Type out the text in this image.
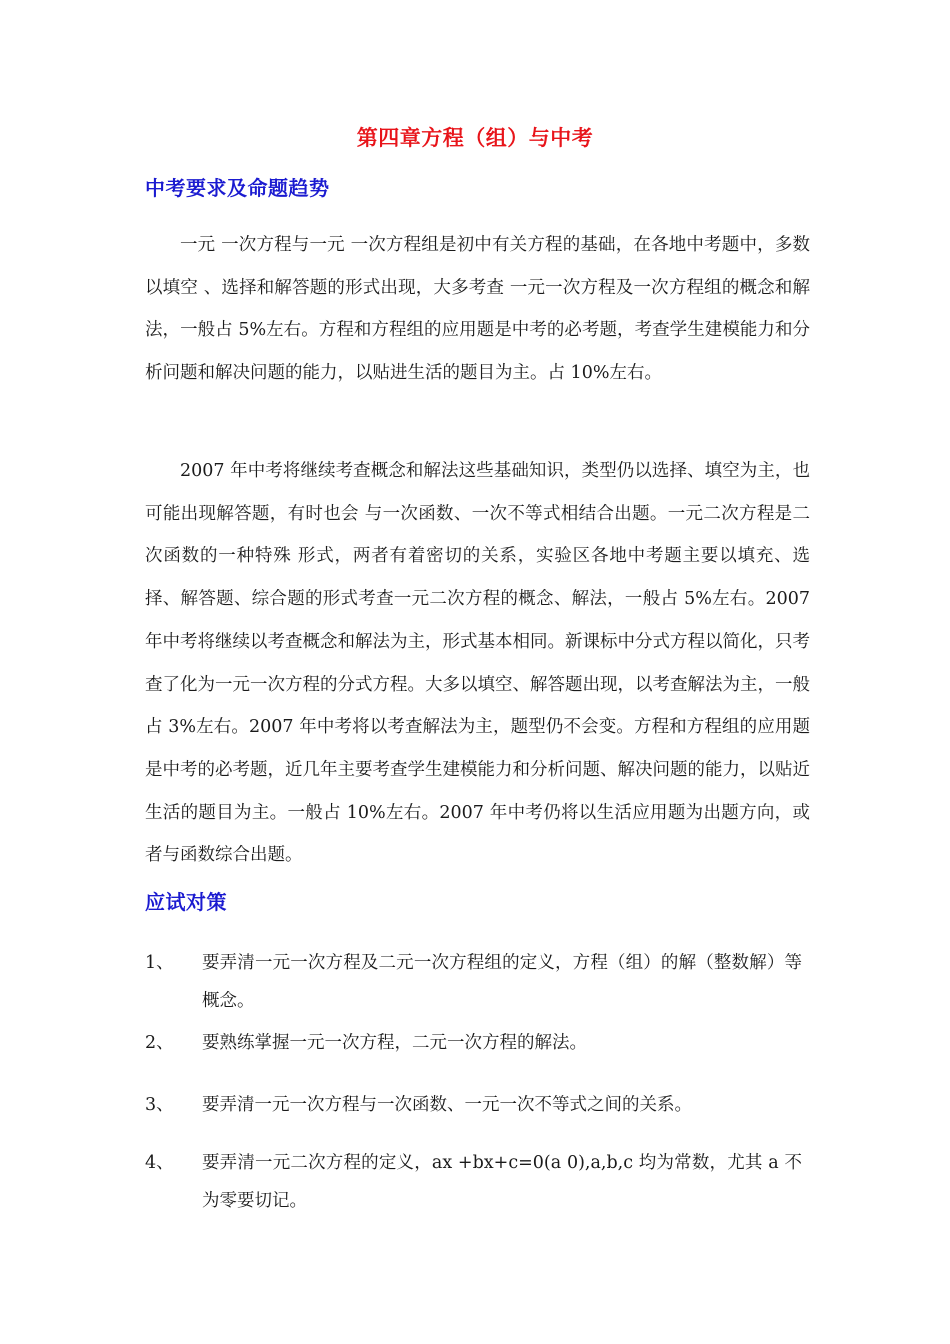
第四章方程（组）与中考
中考要求及命题趋势

一元 一次方程与一元 一次方程组是初中有关方程的基础，在各地中考题中，多数以填空 、选择和解答题的形式出现，大多考查 一元一次方程及一次方程组的概念和解法，一般占 5%左右。方程和方程组的应用题是中考的必考题，考查学生建模能力和分析问题和解决问题的能力，以贴进生活的题目为主。占 10%左右。

2007 年中考将继续考查概念和解法这些基础知识，类型仍以选择、填空为主，也可能出现解答题，有时也会 与一次函数、一次不等式相结合出题。一元二次方程是二次函数的一种特殊 形式，两者有着密切的关系，实验区各地中考题主要以填充、选择、解答题、综合题的形式考查一元二次方程的概念、解法，一般占 5%左右。2007 年中考将继续以考查概念和解法为主，形式基本相同。新课标中分式方程以简化，只考查了化为一元一次方程的分式方程。大多以填空、解答题出现，以考查解法为主，一般占 3%左右。2007 年中考将以考查解法为主，题型仍不会变。方程和方程组的应用题是中考的必考题，近几年主要考查学生建模能力和分析问题、解决问题的能力，以贴近生活的题目为主。一般占 10%左右。2007 年中考仍将以生活应用题为出题方向，或者与函数综合出题。

应试对策
1、	要弄清一元一次方程及二元一次方程组的定义，方程（组）的解（整数解）等概念。
2、	要熟练掌握一元一次方程，二元一次方程的解法。
3、	要弄清一元一次方程与一次函数、一元一次不等式之间的关系。
4、	要弄清一元二次方程的定义，ax +bx+c=0(a 0),a,b,c 均为常数，尤其 a 不为零要切记。
